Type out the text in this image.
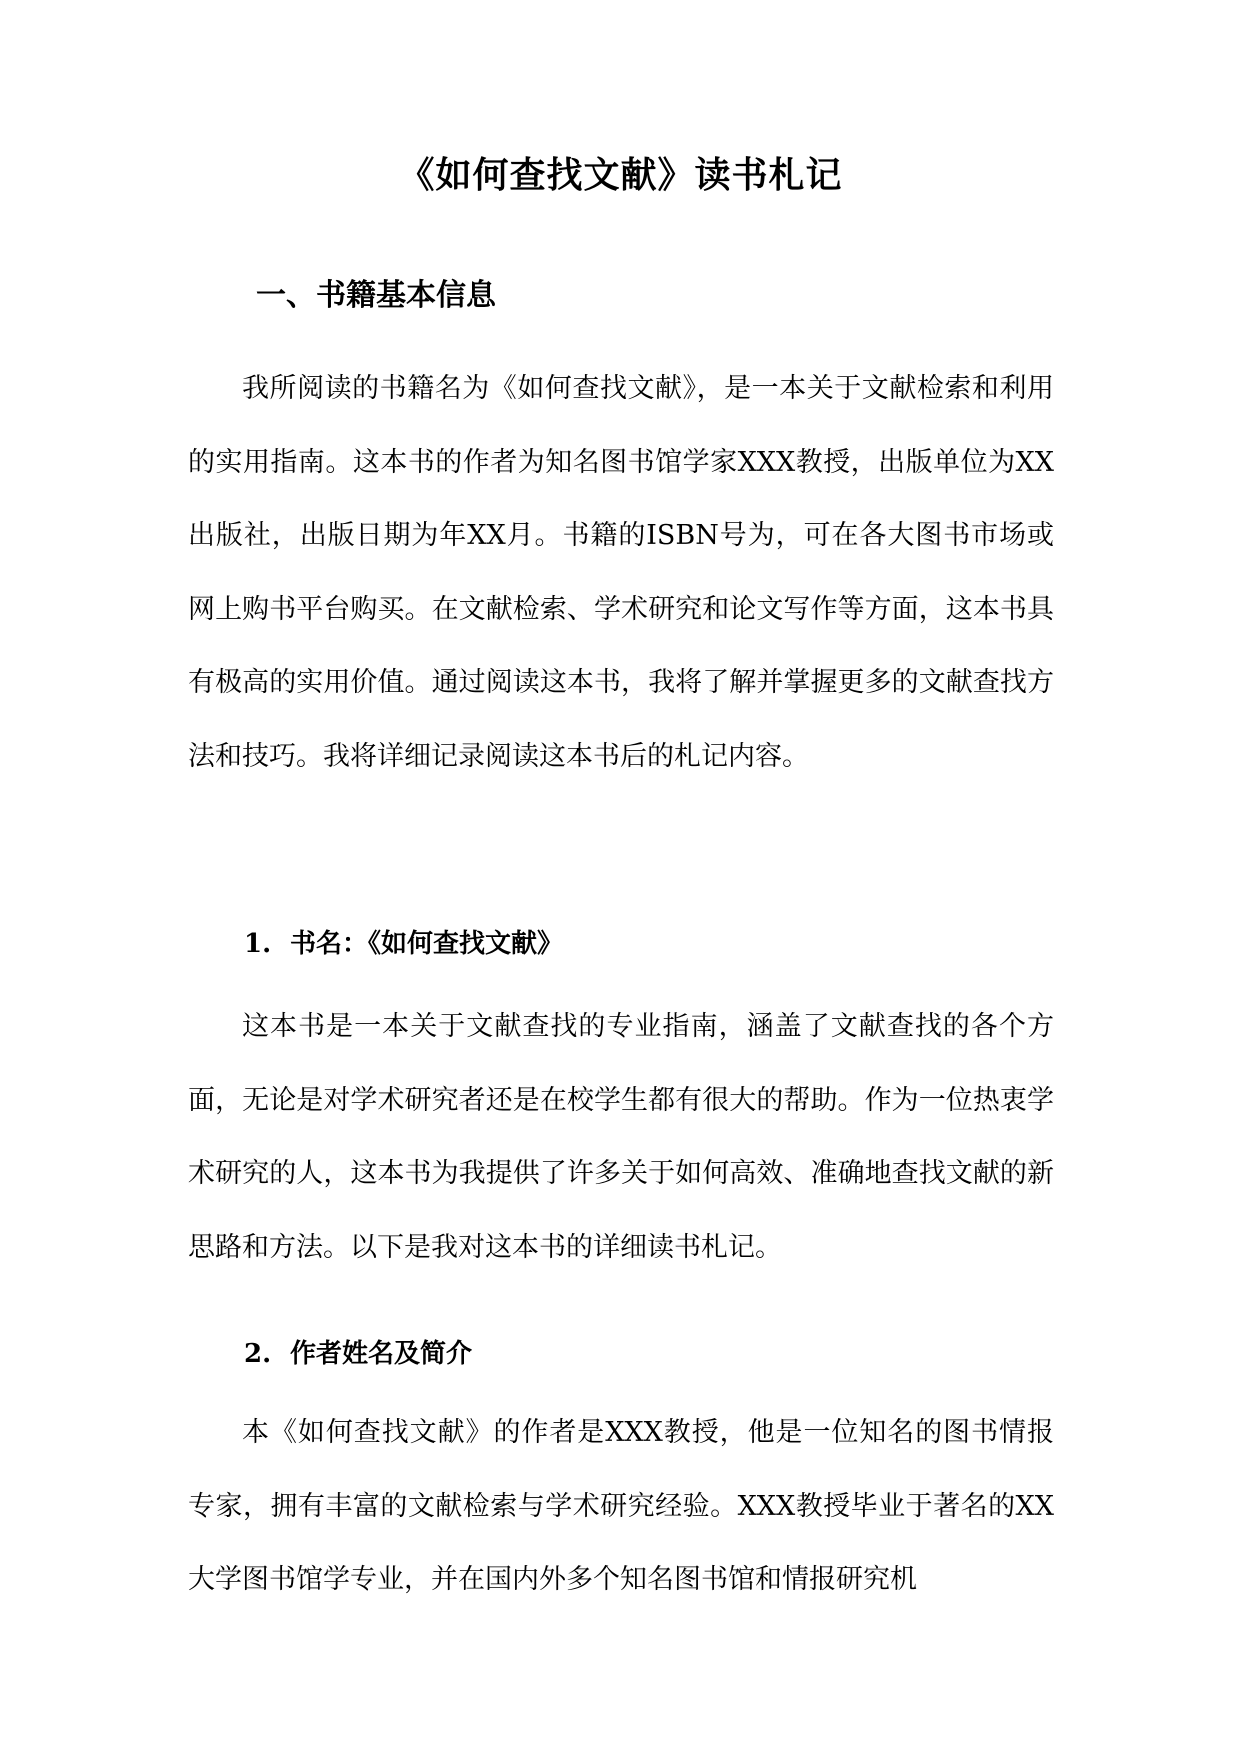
《如何查找文献》读书札记
一、书籍基本信息

我所阅读的书籍名为《如何查找文献》，是一本关于文献检索和利用的实用指南。这本书的作者为知名图书馆学家XXX教授，出版单位为XX出版社，出版日期为年XX月。书籍的ISBN号为，可在各大图书市场或网上购书平台购买。在文献检索、学术研究和论文写作等方面，这本书具有极高的实用价值。通过阅读这本书，我将了解并掌握更多的文献查找方法和技巧。我将详细记录阅读这本书后的札记内容。

1. 书名：《如何查找文献》

这本书是一本关于文献查找的专业指南，涵盖了文献查找的各个方面，无论是对学术研究者还是在校学生都有很大的帮助。作为一位热衷学术研究的人，这本书为我提供了许多关于如何高效、准确地查找文献的新思路和方法。以下是我对这本书的详细读书札记。

2. 作者姓名及简介

本《如何查找文献》的作者是XXX教授，他是一位知名的图书情报专家，拥有丰富的文献检索与学术研究经验。XXX教授毕业于著名的XX大学图书馆学专业，并在国内外多个知名图书馆和情报研究机
